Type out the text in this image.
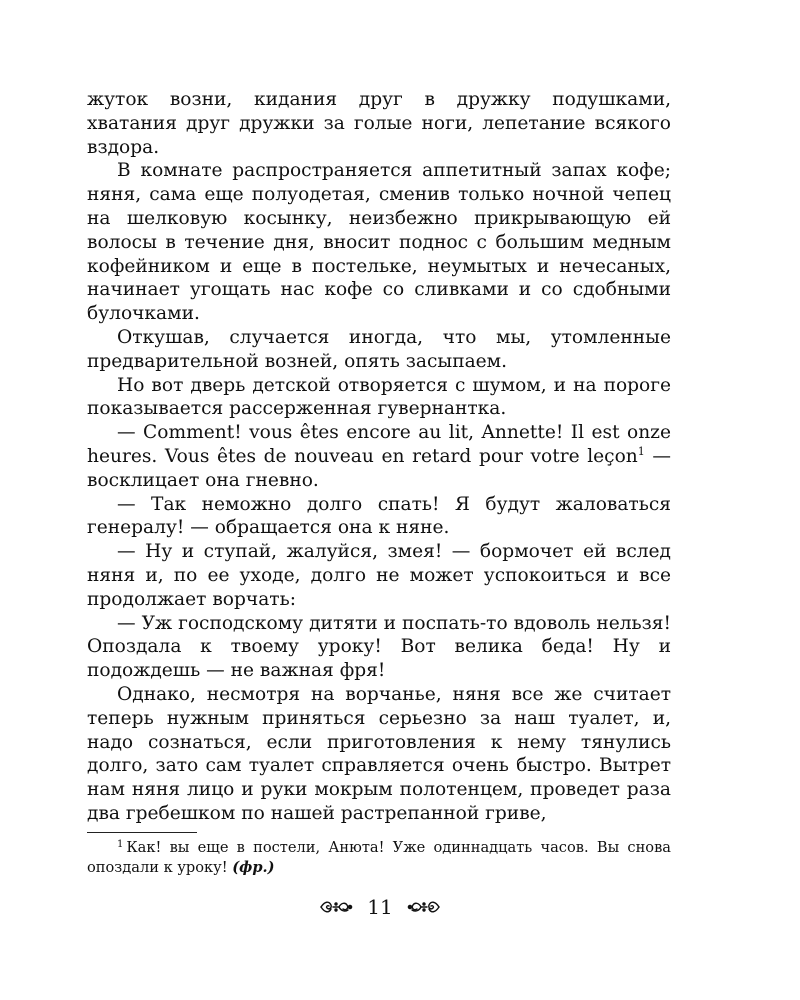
жуток возни, кидания друг в дружку подушками, хватания друг дружки за голые ноги, лепетание всякого вздора.

В комнате распространяется аппетитный запах кофе; няня, сама еще полуодетая, сменив только ночной чепец на шелковую косынку, неизбежно прикрывающую ей волосы в течение дня, вносит поднос с большим медным кофейником и еще в постельке, неумытых и нечесаных, начинает угощать нас кофе со сливками и со сдобными булочками.

Откушав, случается иногда, что мы, утомленные предварительной возней, опять засыпаем.

Но вот дверь детской отворяется с шумом, и на пороге показывается рассерженная гувернантка.

— Comment! vous êtes encore au lit, Annette! Il est onze heures. Vous êtes de nouveau en retard pour votre leçon$^1$ — восклицает она гневно.

— Так неможно долго спать! Я будут жаловаться генералу! — обращается она к няне.

— Ну и ступай, жалуйся, змея! — бормочет ей вслед няня и, по ее уходе, долго не может успокоиться и все продолжает ворчать:

— Уж господскому дитяти и поспать-то вдоволь нельзя! Опоздала к твоему уроку! Вот велика беда! Ну и подождешь — не важная фря!

Однако, несмотря на ворчанье, няня все же считает теперь нужным приняться серьезно за наш туалет, и, надо сознаться, если приготовления к нему тянулись долго, зато сам туалет справляется очень быстро. Вытрет нам няня лицо и руки мокрым полотенцем, проведет раза два гребешком по нашей растрепанной гриве,

$^1$ Как! вы еще в постели, Анюта! Уже одиннадцать часов. Вы снова опоздали к уроку! (фр.)
11
